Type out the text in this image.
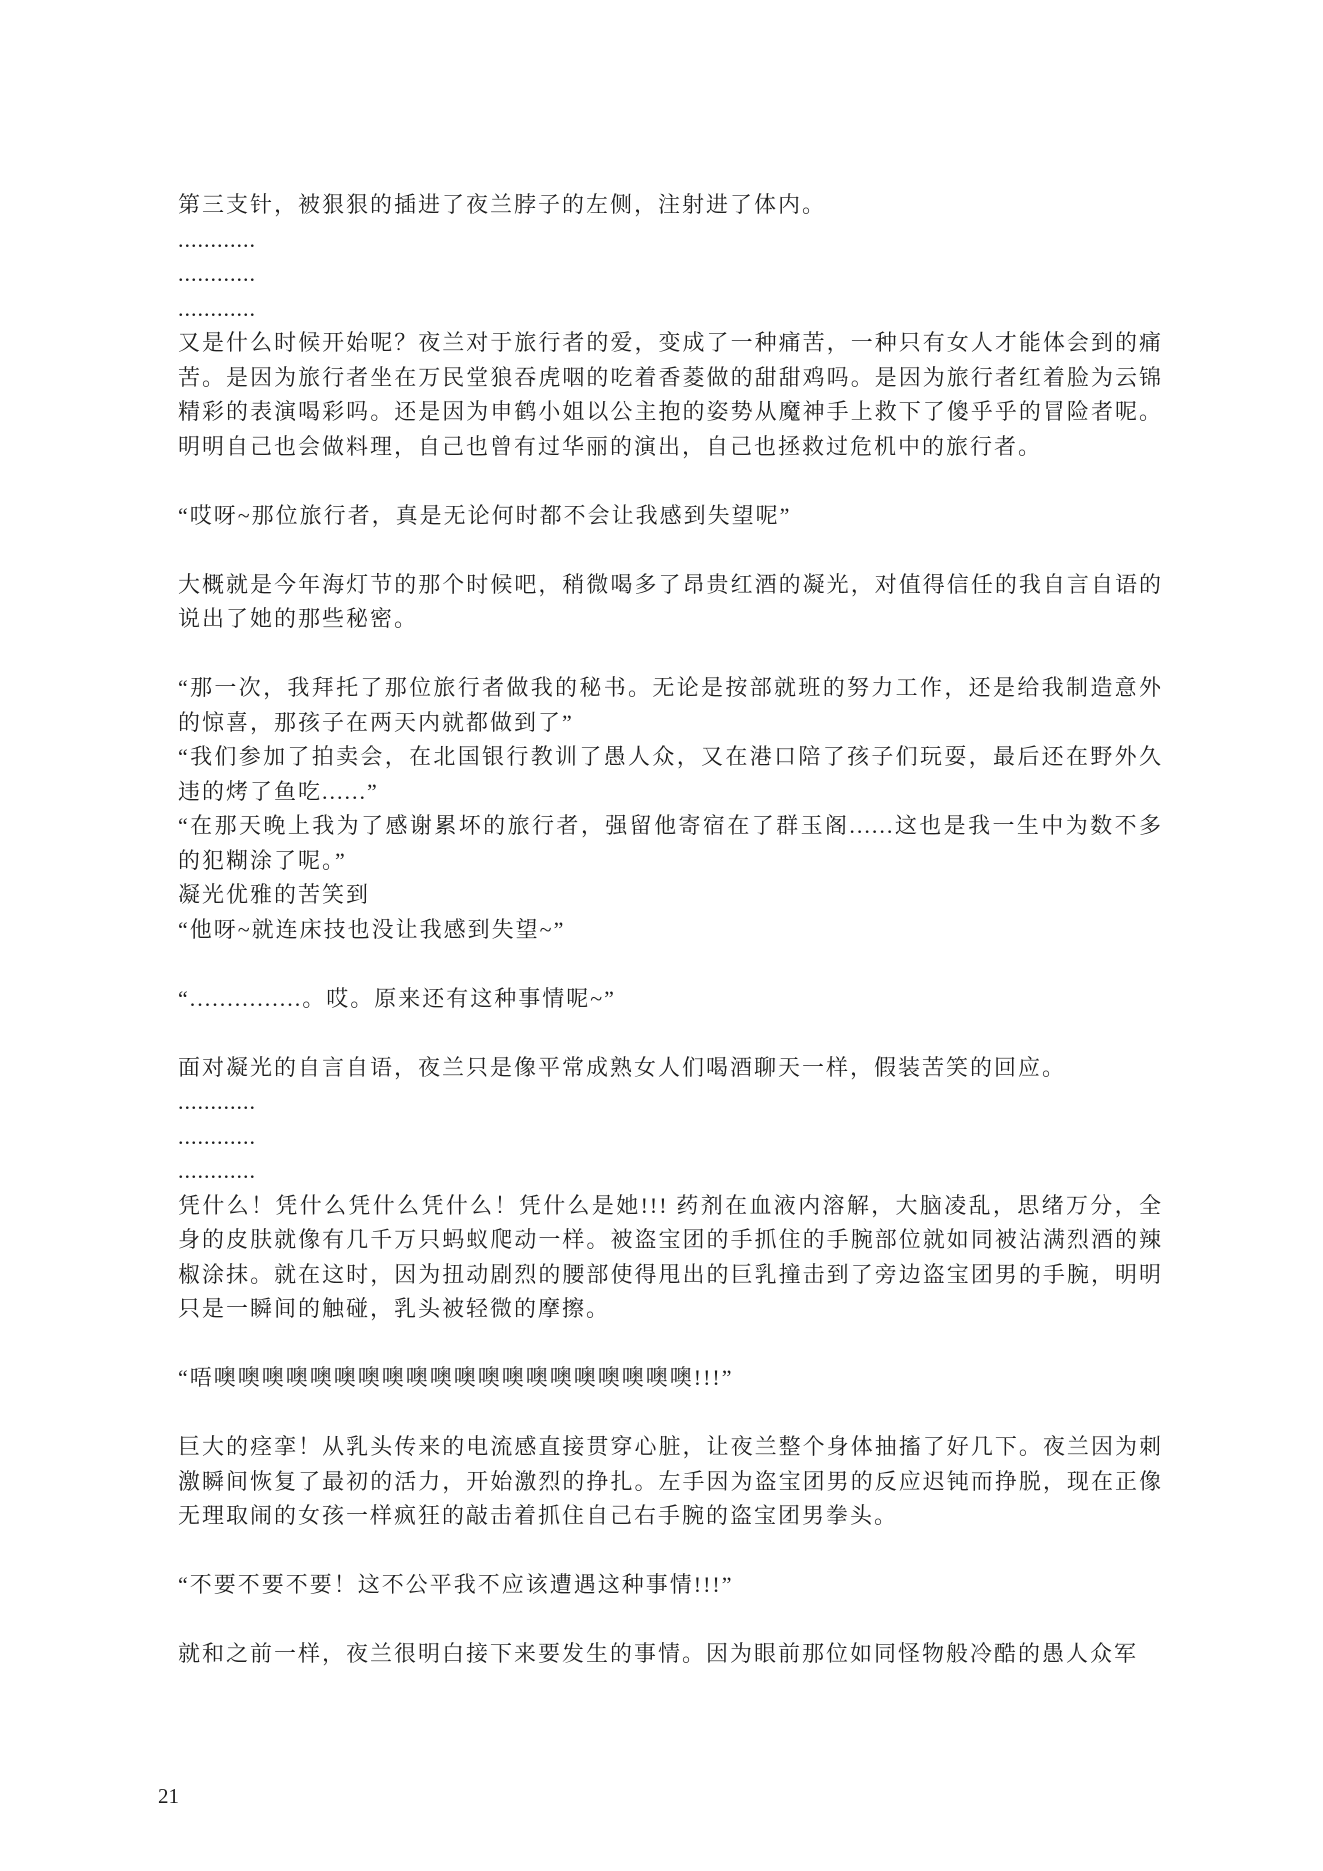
第三支针，被狠狠的插进了夜兰脖子的左侧，注射进了体内。

............

............

............

又是什么时候开始呢？夜兰对于旅行者的爱，变成了一种痛苦，一种只有女人才能体会到的痛苦。是因为旅行者坐在万民堂狼吞虎咽的吃着香菱做的甜甜鸡吗。是因为旅行者红着脸为云锦精彩的表演喝彩吗。还是因为申鹤小姐以公主抱的姿势从魔神手上救下了傻乎乎的冒险者呢。明明自己也会做料理，自己也曾有过华丽的演出，自己也拯救过危机中的旅行者。

“哎呀~那位旅行者，真是无论何时都不会让我感到失望呢”

大概就是今年海灯节的那个时候吧，稍微喝多了昂贵红酒的凝光，对值得信任的我自言自语的说出了她的那些秘密。

“那一次，我拜托了那位旅行者做我的秘书。无论是按部就班的努力工作，还是给我制造意外的惊喜，那孩子在两天内就都做到了”

“我们参加了拍卖会，在北国银行教训了愚人众，又在港口陪了孩子们玩耍，最后还在野外久违的烤了鱼吃......”

“在那天晚上我为了感谢累坏的旅行者，强留他寄宿在了群玉阁......这也是我一生中为数不多的犯糊涂了呢。”

凝光优雅的苦笑到

“他呀~就连床技也没让我感到失望~”

“...............。哎。原来还有这种事情呢~”

面对凝光的自言自语，夜兰只是像平常成熟女人们喝酒聊天一样，假装苦笑的回应。

............

............

............

凭什么！凭什么凭什么凭什么！凭什么是她!!! 药剂在血液内溶解，大脑凌乱，思绪万分，全身的皮肤就像有几千万只蚂蚁爬动一样。被盗宝团的手抓住的手腕部位就如同被沾满烈酒的辣椒涂抹。就在这时，因为扭动剧烈的腰部使得甩出的巨乳撞击到了旁边盗宝团男的手腕，明明只是一瞬间的触碰，乳头被轻微的摩擦。

“唔噢噢噢噢噢噢噢噢噢噢噢噢噢噢噢噢噢噢噢噢!!!”

巨大的痉挛！从乳头传来的电流感直接贯穿心脏，让夜兰整个身体抽搐了好几下。夜兰因为刺激瞬间恢复了最初的活力，开始激烈的挣扎。左手因为盗宝团男的反应迟钝而挣脱，现在正像无理取闹的女孩一样疯狂的敲击着抓住自己右手腕的盗宝团男拳头。

“不要不要不要！这不公平我不应该遭遇这种事情!!!”

就和之前一样，夜兰很明白接下来要发生的事情。因为眼前那位如同怪物般冷酷的愚人众军

21
